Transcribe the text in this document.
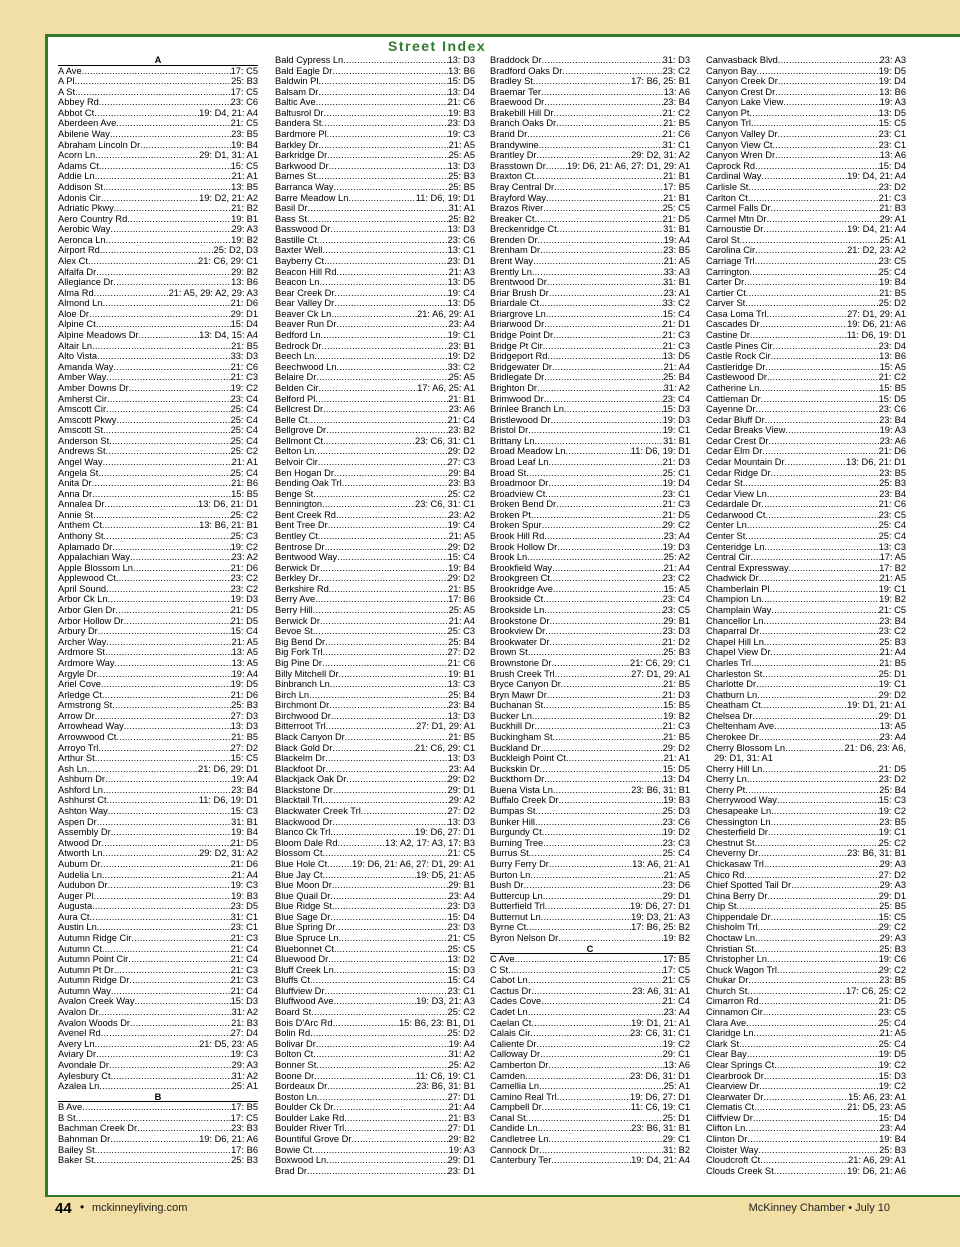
Street Index
A
A Ave .....	17: C5
A Pl .....	25: B3
A St .....	17: C5
Abbey Rd .....	23: C6
Abbot Ct .....	19: D4, 21: A4
Aberdeen Ave .....	21: C5
Abilene Way .....	23: B5
Abraham Lincoln Dr .....	19: B4
Acorn Ln .....	29: D1, 31: A1
Adams Ct .....	15: C5
Addie Ln .....	21: A1
Addison St .....	13: B5
Adonis Cir .....	19: D2, 21: A2
Adriatic Pkwy .....	21: B2
Aero Country Rd .....	19: B1
Aerobic Way .....	29: A3
Aeronca Ln .....	19: B2
Airport Rd .....	25: D2, D3
Alex Ct .....	21: C6, 29: C1
Alfalfa Dr .....	29: B2
Allegiance Dr .....	13: B6
Alma Rd .....	21: A5, 29: A2, 29: A3
Almond Ln .....	21: D6
Aloe Dr .....	29: D1
Alpine Ct .....	15: D4
Alpine Meadows Dr .....	13: D4, 15: A4
Altair Ln .....	21: B5
Alto Vista .....	33: D3
Amanda Way .....	21: C6
Amber Way .....	21: C3
Amber Downs Dr .....	19: C2
Amherst Cir .....	23: C4
Amscott Cir .....	25: C4
Amscott Pkwy .....	25: C4
Amscott St .....	25: C4
Anderson St .....	25: C4
Andrews St .....	25: C2
Angel Way .....	21: A1
Angela St .....	25: C4
Anita Dr .....	21: B6
Anna Dr .....	15: B5
Annalea Dr .....	13: D6, 21: D1
Annie St .....	25: C2
Anthem Ct .....	13: B6, 21: B1
Anthony St .....	25: C3
Aplamado Dr .....	19: C2
Appalachian Way .....	23: A2
Apple Blossom Ln .....	21: D6
Applewood Ct .....	23: C2
April Sound .....	23: C2
Arbor Ck Ln .....	19: D3
Arbor Glen Dr .....	21: D5
Arbor Hollow Dr .....	21: D5
Arbury Dr .....	15: C4
Archer Way .....	21: A5
Ardmore St .....	13: A5
Ardmore Way .....	13: A5
Argyle Dr .....	19: A4
Ariel Cove .....	19: D5
Arledge Ct .....	21: D6
Armstrong St .....	25: B3
Arrow Dr .....	27: D3
Arrowhead Way .....	13: D3
Arrowwood Ct .....	21: B5
Arroyo Trl .....	27: D2
Arthur St .....	15: C5
Ash Ln .....	21: D6, 29: D1
Ashburn Dr .....	19: A4
Ashford Ln .....	23: B4
Ashhurst Ct .....	11: D6, 19: D1
Ashton Way .....	15: C3
Aspen Dr .....	31: B1
Assembly Dr .....	19: B4
Atwood Dr .....	21: D5
Atworth Ln .....	29: D2, 31: A2
Auburn Dr .....	21: D6
Audelia Ln .....	21: A4
Audubon Dr .....	19: C3
Auger Pl .....	19: B3
Augusta .....	23: D5
Aura Ct .....	31: C1
Austin Ln .....	23: C1
Autumn Ridge Cir .....	21: C3
Autumn Ct .....	21: C4
Autumn Point Cir .....	21: C4
Autumn Pt Dr .....	21: C3
Autumn Ridge Dr .....	21: C3
Autumn Way .....	21: C4
Avalon Creek Way .....	15: D3
Avalon Dr .....	31: A2
Avalon Woods Dr .....	21: B3
Avenel Rd .....	27: D4
Avery Ln .....	21: D5, 23: A5
Aviary Dr .....	19: C3
Avondale Dr .....	29: A3
Aylesbury Ct .....	31: A2
Azalea Ln .....	25: A1
B
B Ave .....	17: B5
B St .....	17: C5
Bachman Creek Dr .....	23: B3
Bahnman Dr .....	19: D6, 21: A6
Bailey St .....	17: B6
Baker St .....	25: B3
Bald Cypress Ln .....	13: D3
Bald Eagle Dr .....	13: B6
Baldwin Pl .....	15: D5
Balsam Dr .....	13: D4
Baltic Ave .....	21: C6
Baltusrol Dr .....	19: B3
Bandera St .....	23: D3
Bardmore Pl .....	19: C3
Barkley Dr .....	21: A5
Barkridge Dr .....	25: A5
Barkwood Dr .....	13: D3
Barnes St .....	25: B3
Barranca Way .....	25: B5
Barre Meadow Ln .....	11: D6, 19: D1
Basil Dr .....	31: A1
Bass St .....	25: B2
Basswood Dr .....	13: D3
Bastille Ct .....	23: C6
Baxter Well .....	13: C1
Bayberry Ct .....	23: D1
Beacon Hill Rd .....	21: A3
Beacon Ln .....	13: D5
Bear Creek Dr .....	19: C4
Bear Valley Dr .....	13: D5
Beaver Ck Ln .....	21: A6, 29: A1
Beaver Run Dr .....	23: A4
Bedford Ln .....	19: C1
Bedrock Dr .....	23: B1
Beech Ln .....	19: D2
Beechwood Ln .....	33: C2
Belaire Dr .....	25: A5
Belden Cir .....	17: A6, 25: A1
Belford Pl .....	21: B1
Bellcrest Dr .....	23: A6
Belle Ct .....	21: C4
Bellgrove Dr .....	23: B2
Bellmont Ct .....	23: C6, 31: C1
Belton Ln .....	29: D2
Belvoir Cir .....	27: C3
Ben Hogan Dr .....	29: B4
Bending Oak Trl .....	23: B3
Benge St .....	25: C2
Bennington .....	23: C6, 31: C1
Bent Creek Rd .....	23: A2
Bent Tree Dr .....	19: C4
Bentley Ct .....	21: A5
Bentrose Dr .....	29: D2
Bentwood Way .....	15: C4
Berwick Dr .....	19: B4
Berkley Dr .....	29: D2
Berkshire Rd .....	21: B5
Berry Ave .....	17: B6
Berry Hill .....	25: A5
Berwick Dr .....	21: A4
Bevoe St .....	25: C3
Big Bend Dr .....	25: B4
Big Fork Trl .....	27: D2
Big Pine Dr .....	21: C6
Billy Mitchell Dr .....	19: B1
Binbranch Ln .....	13: C3
Birch Ln .....	25: B4
Birchmont Dr .....	23: B4
Birchwood Dr .....	13: D3
Bitterroot Trl .....	27: D1, 29: A1
Black Canyon Dr .....	21: B5
Black Gold Dr .....	21: C6, 29: C1
Blackelm Dr .....	13: D3
Blackfoot Dr .....	23: A4
Blackjack Oak Dr .....	29: D2
Blackstone Dr .....	29: D1
Blacktail Trl .....	29: A2
Blackwater Creek Trl .....	27: D2
Blackwood Dr .....	13: D3
Blanco Ck Trl .....	19: D6, 27: D1
Bloom Dale Rd .....	13: A2, 17: A3, 17: B3
Blossom Ct .....	21: C5
Blue Hole Ct .....	19: D6, 21: A6, 27: D1, 29: A1
Blue Jay Ct .....	19: D5, 21: A5
Blue Moon Dr .....	29: B1
Blue Quail Dr .....	23: A4
Blue Ridge St .....	23: D3
Blue Sage Dr .....	15: D4
Blue Spring Dr .....	23: D3
Blue Spruce Ln .....	21: C5
Bluebonnet Ct .....	25: C5
Bluewood Dr .....	13: D2
Bluff Creek Ln .....	15: D3
Bluffs Ct .....	15: C4
Bluffview Dr .....	23: C1
Bluffwood Ave .....	19: D3, 21: A3
Board St .....	25: C2
Bois D'Arc Rd .....	15: B6, 23: B1, D1
Bolin Rd .....	25: D2
Bolivar Dr .....	19: A4
Bolton Ct .....	31: A2
Bonner St .....	25: A2
Boone Dr .....	11: C6, 19: C1
Bordeaux Dr .....	23: B6, 31: B1
Boston Ln .....	27: D1
Boulder Ck Dr .....	21: A4
Boulder Lake Rd .....	21: B3
Boulder River Trl .....	27: D1
Bountiful Grove Dr .....	29: B2
Bowie Ct .....	19: A3
Boxwood Ln .....	29: D1
Brad Dr .....	23: D1
Braddock Dr .....	31: D3
Bradford Oaks Dr .....	23: C2
Bradley St .....	17: B6, 25: B1
Braemar Ter .....	13: A6
Braewood Dr .....	23: B4
Brakebill Hill Dr .....	21: C2
Branch Oaks Dr .....	21: B5
Brand Dr .....	21: C6
Brandywine .....	31: C1
Brantley Dr .....	29: D2, 31: A2
Brasstown Dr ..... 19: D6, 21: A6, 27: D1, 29: A1
Braxton Ct .....	21: B1
Bray Central Dr .....	17: B5
Brayford Way .....	21: B1
Brazos River .....	25: C5
Breaker Ct .....	21: D5
Breckenridge Ct .....	31: B1
Brenden Dr .....	19: A4
Brenham Dr .....	23: B5
Brent Way .....	21: A5
Brently Ln .....	33: A3
Brentwood Dr .....	31: B1
Briar Brush Dr .....	23: A1
Briardale Ct .....	33: C2
Briargrove Ln .....	15: C4
Briarwood Dr .....	21: D1
Bridge Point Dr .....	21: C3
Bridge Pt Cir .....	21: C3
Bridgeport Rd .....	13: D5
Bridgewater Dr .....	21: A4
Bridlegate Dr .....	25: B4
Brighton Dr .....	31: A2
Brimwood Dr .....	23: C4
Brinlee Branch Ln .....	15: D3
Bristlewood Dr .....	19: D3
Bristol Dr .....	19: C1
Brittany Ln .....	31: B1
Broad Meadow Ln .....	11: D6, 19: D1
Broad Leaf Ln .....	21: D3
Broad St .....	25: C1
Broadmoor Dr .....	19: D4
Broadview Ct .....	23: C1
Broken Bend Dr .....	21: C3
Broken Pt .....	21: D5
Broken Spur .....	29: C2
Brook Hill Rd .....	23: A4
Brook Hollow Dr .....	19: D3
Brook Ln .....	25: A2
Brookfield Way .....	21: A4
Brookgreen Ct .....	23: C2
Brookridge Ave .....	15: A5
Brookside Ct .....	23: C4
Brookside Ln .....	23: C5
Brookstone Dr .....	29: B1
Brookview Dr .....	23: D3
Brookwater Dr .....	21: D2
Brown St .....	25: B3
Brownstone Dr .....	21: C6, 29: C1
Brush Creek Trl .....	27: D1, 29: A1
Bryce Canyon Dr .....	21: B5
Bryn Mawr Dr .....	21: D3
Buchanan St .....	15: B5
Bucker Ln .....	19: B2
Buckhill Dr .....	21: C3
Buckingham St .....	21: B5
Buckland Dr .....	29: D2
Buckleigh Point Ct .....	21: A1
Buckskin Dr .....	15: D5
Buckthorn Dr .....	13: D4
Buena Vista Ln .....	23: B6, 31: B1
Buffalo Creek Dr .....	19: B3
Bumpas St .....	25: D3
Bunker Hill .....	23: C6
Burgundy Ct .....	19: D2
Burning Tree .....	23: C3
Burrus St .....	25: C4
Burry Ferry Dr .....	13: A6, 21: A1
Burton Ln .....	21: A5
Bush Dr .....	23: D6
Buttercup Ln .....	29: D1
Butterfield Trl .....	19: D6, 27: D1
Butternut Ln .....	19: D3, 21: A3
Byrne Ct .....	17: B6, 25: B2
Byron Nelson Dr .....	19: B2
C
C Ave .....	17: B5
C St .....	17: C5
Cabot Ln .....	21: C5
Cactus Dr .....	23: A6, 31: A1
Cades Cove .....	21: C4
Cadet Ln .....	23: A4
Caelan Ct .....	19: D1, 21: A1
Calais Cir .....	23: C6, 31: C1
Caliente Dr .....	19: C2
Calloway Dr .....	29: C1
Camberton Dr .....	13: A6
Camden .....	23: D6, 31: D1
Camellia Ln .....	25: A1
Camino Real Trl .....	19: D6, 27: D1
Campbell Dr .....	11: C6, 19: C1
Canal St .....	25: D1
Candide Ln .....	23: B6, 31: B1
Candletree Ln .....	29: C1
Cannock Dr .....	31: B2
Canterbury Ter .....	19: D4, 21: A4
Canvasback Blvd .....	23: A3
Canyon Bay .....	19: D5
Canyon Creek Dr .....	19: D4
Canyon Crest Dr .....	13: B6
Canyon Lake View .....	19: A3
Canyon Pt .....	13: D5
Canyon Trl .....	15: C5
Canyon Valley Dr .....	23: C1
Canyon View Ct .....	23: C1
Canyon Wren Dr .....	13: A6
Caprock Rd .....	15: D4
Cardinal Way .....	19: D4, 21: A4
Carlisle St .....	23: D2
Carlton Ct .....	21: C3
Carmel Falls Dr .....	21: B3
Carmel Mtn Dr .....	29: A1
Carnoustie Dr .....	19: D4, 21: A4
Carol St .....	25: A1
Carolina Cir .....	21: D2, 23: A2
Carriage Trl .....	23: C5
Carrington .....	25: C4
Carter Dr .....	19: B4
Cartier Ct .....	21: B5
Carver St .....	25: D2
Casa Loma Trl .....	27: D1, 29: A1
Cascades Dr .....	19: D6, 21: A6
Castine Dr .....	11: D6, 19: D1
Castle Pines Cir .....	23: D4
Castle Rock Cir .....	13: B6
Castleridge Dr .....	15: A5
Castlewood Dr .....	21: C2
Catherine Ln .....	15: B5
Cattleman Dr .....	15: D5
Cayenne Dr .....	23: C6
Cedar Bluff Dr .....	23: B4
Cedar Breaks View .....	19: A3
Cedar Crest Dr .....	23: A6
Cedar Elm Dr .....	21: D6
Cedar Mountain Dr .....	13: D6, 21: D1
Cedar Ridge Dr .....	23: B5
Cedar St .....	25: B3
Cedar View Ln .....	23: B4
Cedardale Dr .....	21: C6
Cedarwood Ct .....	23: C5
Center Ln .....	25: C4
Center St .....	25: C4
Centeridge Ln .....	13: C3
Central Cir .....	17: A5
Central Expressway .....	17: B2
Chadwick Dr .....	21: A5
Chamberlain Pl .....	19: C1
Champion Ln .....	19: B2
Champlain Way .....	21: C5
Chancellor Ln .....	23: B4
Chaparral Dr .....	23: C2
Chapel Hill Ln .....	25: B3
Chapel View Dr .....	21: A4
Charles Trl .....	21: B5
Charleston St .....	25: D1
Charlotte Dr .....	19: C1
Chatburn Ln .....	29: D2
Cheatham Ct .....	19: D1, 21: A1
Chelsea Dr .....	29: D1
Cheltenham Ave .....	13: A5
Cherokee Dr .....	23: A4
Cherry Blossom Ln .....	21: D6, 23: A6,
29: D1, 31: A1
Cherry Hill Ln .....	21: D5
Cherry Ln .....	23: D2
Cherry Pt .....	25: B4
Cherrywood Way .....	15: C3
Chesapeake Ln .....	19: C2
Chessington Ln .....	23: B5
Chesterfield Dr .....	19: C1
Chestnut St .....	25: C2
Cheverny Dr .....	23: B6, 31: B1
Chickasaw Trl .....	29: A3
Chico Rd .....	27: D2
Chief Spotted Tail Dr .....	29: A3
China Berry Dr .....	29: D1
Chip St .....	25: B5
Chippendale Dr .....	15: C5
Chisholm Trl .....	29: C2
Choctaw Ln .....	29: A3
Christian St .....	25: B3
Christopher Ln .....	19: C6
Chuck Wagon Trl .....	29: C2
Chukar Dr .....	23: B5
Church St .....	17: C6, 25: C2
Cimarron Rd .....	21: D5
Cinnamon Cir .....	23: C5
Clara Ave .....	25: C4
Claridge Ln .....	21: A5
Clark St .....	25: C4
Clear Bay .....	19: D5
Clear Springs Ct .....	19: C2
Clearbrook Dr .....	15: D3
Clearview Dr .....	19: C2
Clearwater Dr .....	15: A6, 23: A1
Clematis Ct .....	21: D5, 23: A5
Cliffview Dr .....	15: D4
Clifton Ln .....	23: A4
Clinton Dr .....	19: B4
Cloister Way .....	25: B3
Cloudcroft Ct .....	21: A6, 29: A1
Clouds Creek St .....	19: D6, 21: A6
44 • mckinneyliving.com	McKinney Chamber • July 10
